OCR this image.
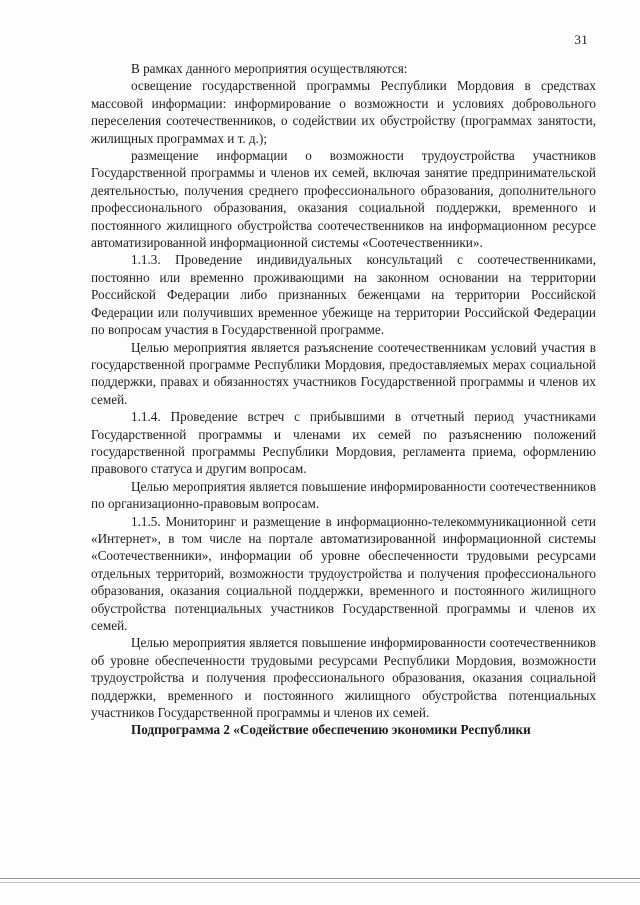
31

В рамках данного мероприятия осуществляются:

освещение государственной программы Республики Мордовия в средствах массовой информации: информирование о возможности и условиях добровольного переселения соотечественников, о содействии их обустройству (программах занятости, жилищных программах и т. д.);

размещение информации о возможности трудоустройства участников Государственной программы и членов их семей, включая занятие предпринимательской деятельностью, получения среднего профессионального образования, дополнительного профессионального образования, оказания социальной поддержки, временного и постоянного жилищного обустройства соотечественников на информационном ресурсе автоматизированной информационной системы «Соотечественники».

1.1.3. Проведение индивидуальных консультаций с соотечественниками, постоянно или временно проживающими на законном основании на территории Российской Федерации либо признанных беженцами на территории Российской Федерации или получивших временное убежище на территории Российской Федерации по вопросам участия в Государственной программе.

Целью мероприятия является разъяснение соотечественникам условий участия в государственной программе Республики Мордовия, предоставляемых мерах социальной поддержки, правах и обязанностях участников Государственной программы и членов их семей.

1.1.4. Проведение встреч с прибывшими в отчетный период участниками Государственной программы и членами их семей по разъяснению положений государственной программы Республики Мордовия, регламента приема, оформлению правового статуса и другим вопросам.

Целью мероприятия является повышение информированности соотечественников по организационно-правовым вопросам.

1.1.5. Мониторинг и размещение в информационно-телекоммуникационной сети «Интернет», в том числе на портале автоматизированной информационной системы «Соотечественники», информации об уровне обеспеченности трудовыми ресурсами отдельных территорий, возможности трудоустройства и получения профессионального образования, оказания социальной поддержки, временного и постоянного жилищного обустройства потенциальных участников Государственной программы и членов их семей.

Целью мероприятия является повышение информированности соотечественников об уровне обеспеченности трудовыми ресурсами Республики Мордовия, возможности трудоустройства и получения профессионального образования, оказания социальной поддержки, временного и постоянного жилищного обустройства потенциальных участников Государственной программы и членов их семей.

Подпрограмма 2 «Содействие обеспечению экономики Республики
